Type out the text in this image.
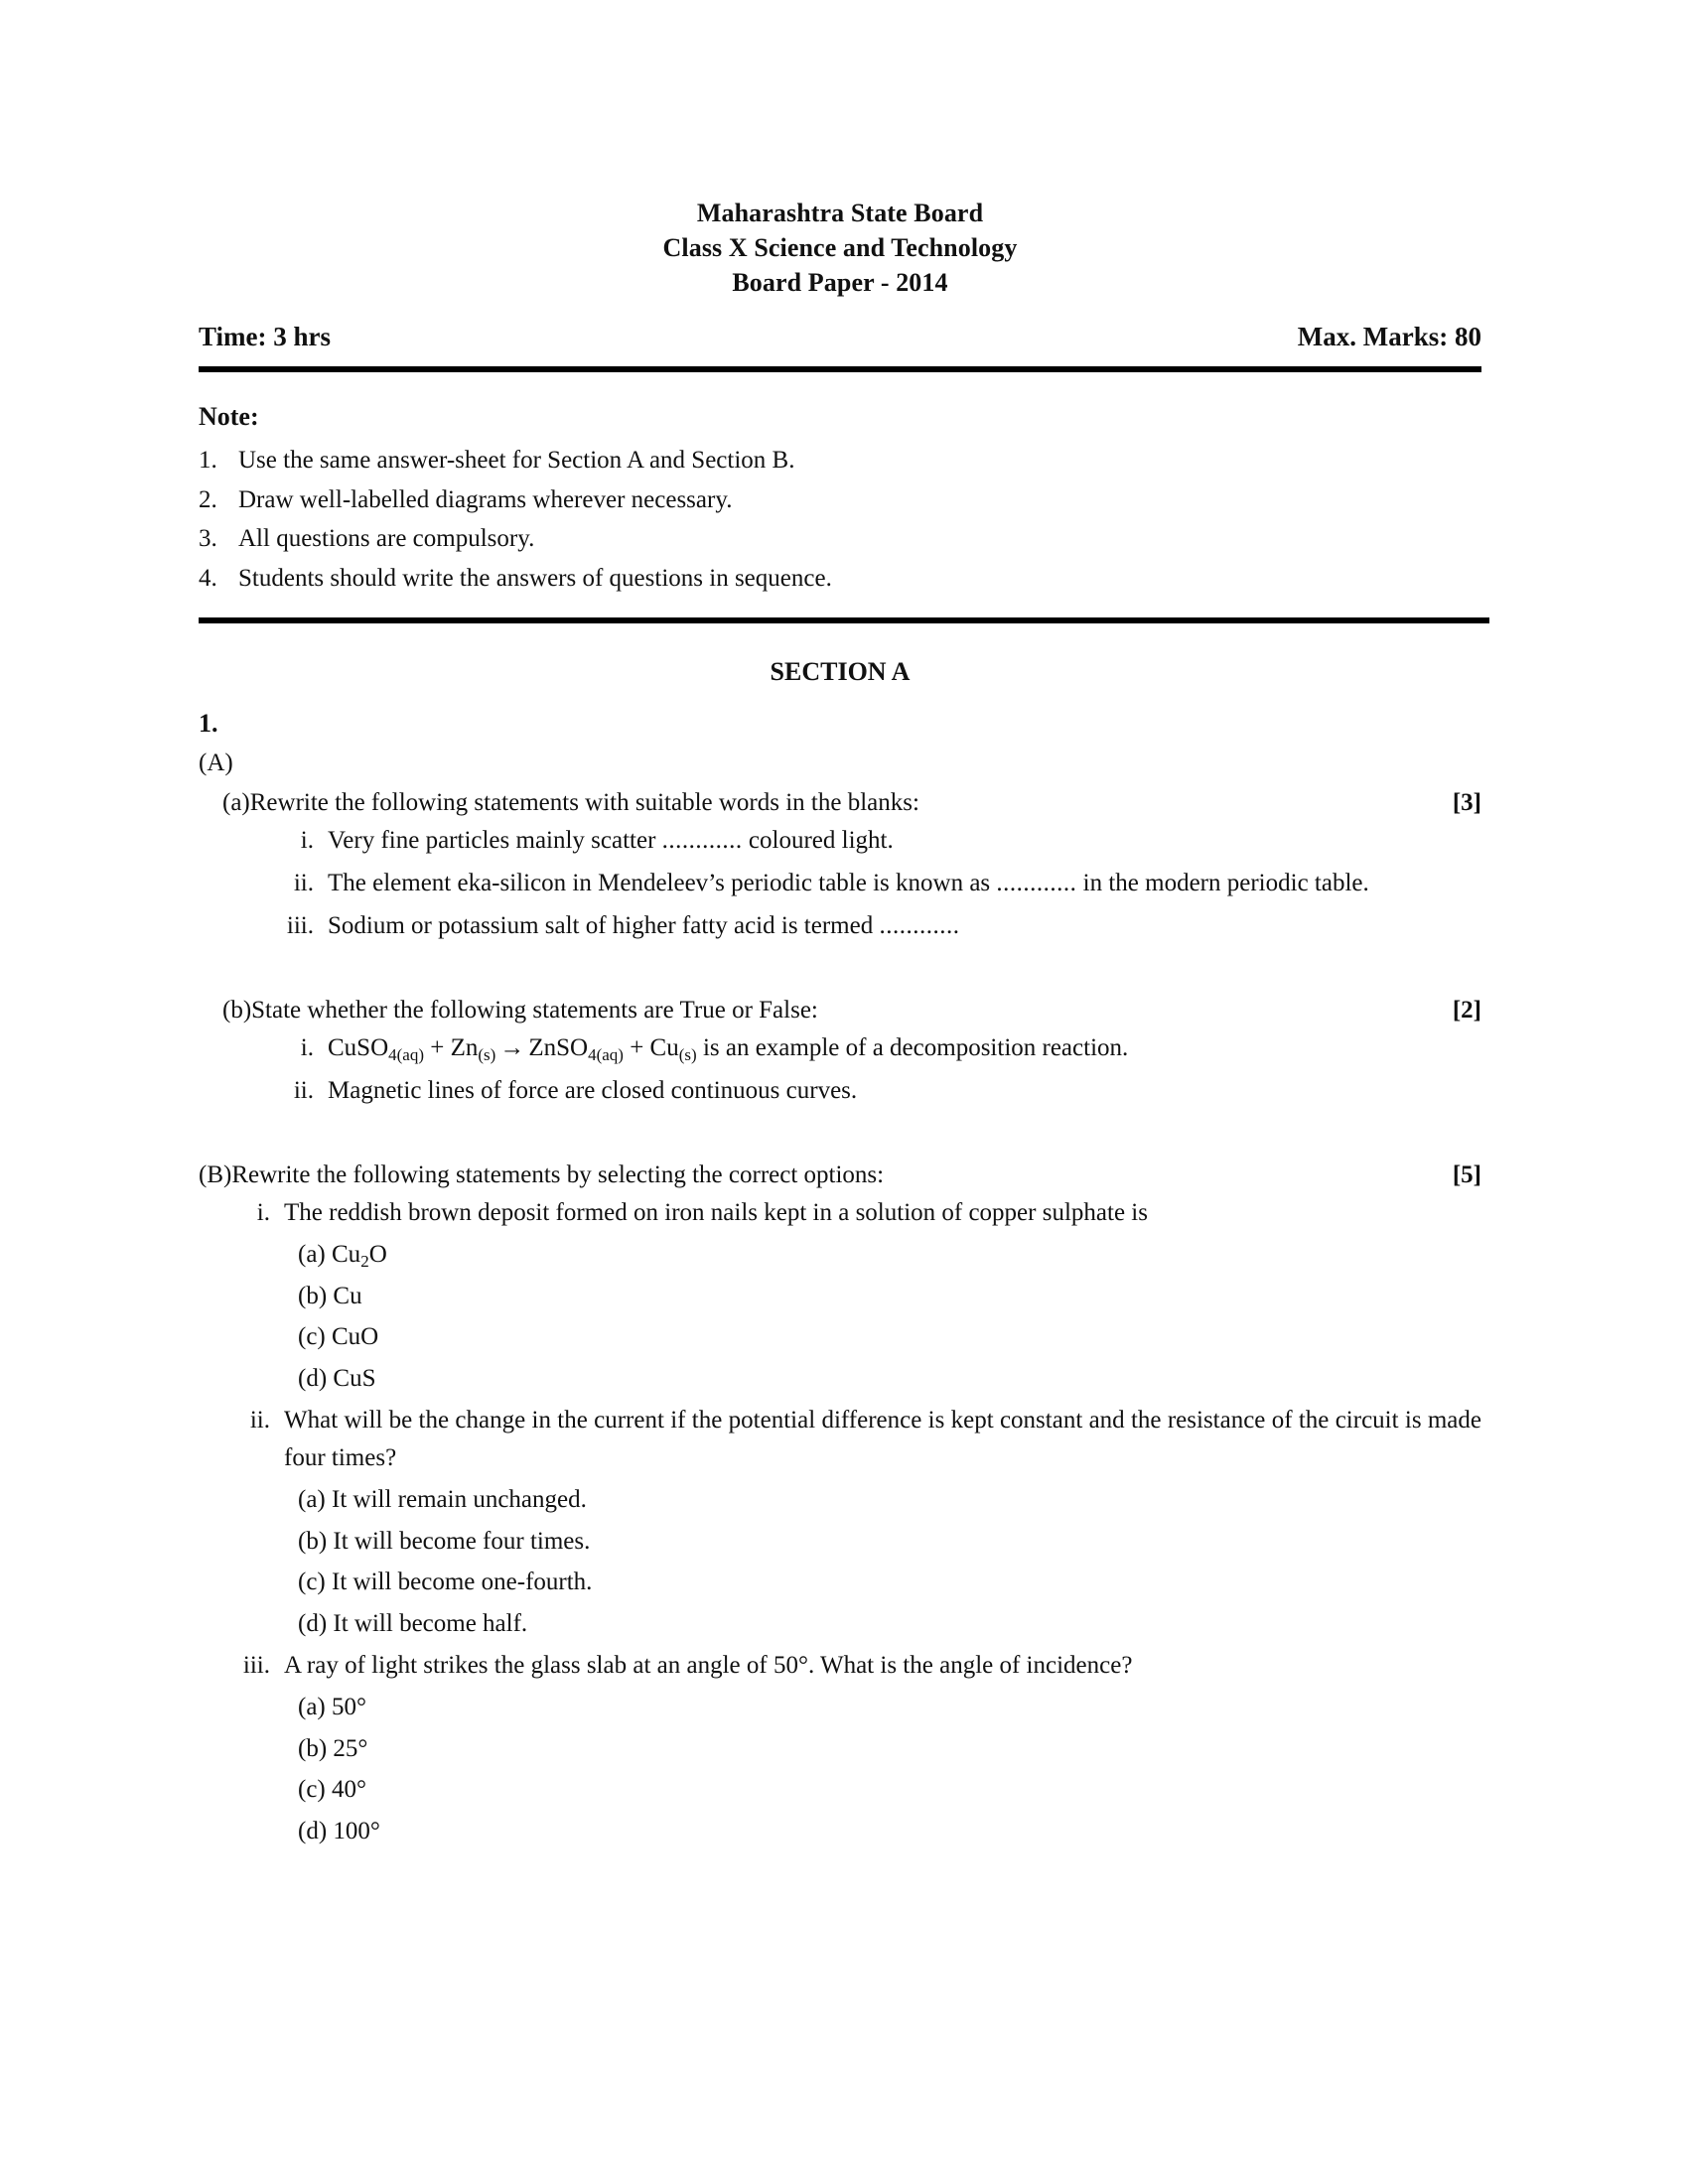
Maharashtra State Board
Class X Science and Technology
Board Paper - 2014
Time: 3 hrs	Max. Marks: 80
Note:
1. Use the same answer-sheet for Section A and Section B.
2. Draw well-labelled diagrams wherever necessary.
3. All questions are compulsory.
4. Students should write the answers of questions in sequence.
SECTION A
1.
(A)
(a) Rewrite the following statements with suitable words in the blanks:	[3]
i. Very fine particles mainly scatter ............ coloured light.
ii. The element eka-silicon in Mendeleev’s periodic table is known as ............ in the modern periodic table.
iii. Sodium or potassium salt of higher fatty acid is termed ............
(b) State whether the following statements are True or False:	[2]
i. CuSO$_{4(aq)}$ + $Zn_{(s)}$ → ZnSO$_{4(aq)}$ + $Cu_{(s)}$ is an example of a decomposition reaction.
ii. Magnetic lines of force are closed continuous curves.
(B) Rewrite the following statements by selecting the correct options:	[5]
i. The reddish brown deposit formed on iron nails kept in a solution of copper sulphate is
(a) $Cu_2O$
(b) Cu
(c) CuO
(d) CuS
ii. What will be the change in the current if the potential difference is kept constant and the resistance of the circuit is made four times?
(a) It will remain unchanged.
(b) It will become four times.
(c) It will become one-fourth.
(d) It will become half.
iii. A ray of light strikes the glass slab at an angle of 50°. What is the angle of incidence?
(a) 50°
(b) 25°
(c) 40°
(d) 100°
